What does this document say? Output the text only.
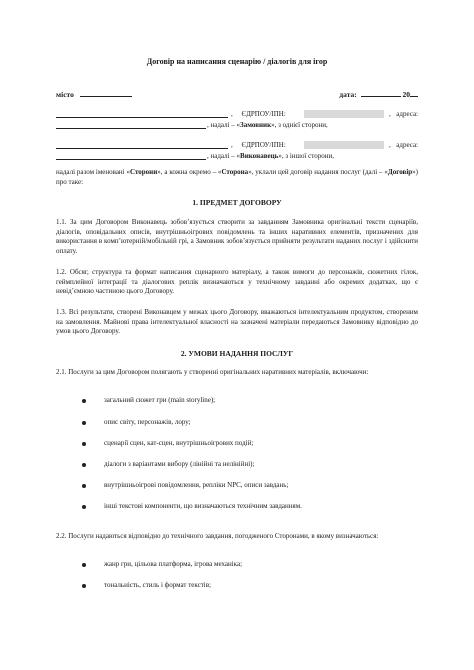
Договір на написання сценарію / діалогів для ігор
місто	дата:	20
,     ЄДРПОУ/ІПН:	, адреса:
, надалі – «Замовник», з однієї сторони,
,     ЄДРПОУ/ІПН:	, адреса:
, надалі – «Виконавець», з іншої сторони,
надалі разом іменовані «Сторони», а кожна окремо – «Сторона», уклали цей договір надання послуг (далі – «Договір») про таке:
1. ПРЕДМЕТ ДОГОВОРУ
1.1. За цим Договором Виконавець зобов’язується створити за завданням Замовника оригінальні тексти сценаріїв, діалогів, оповідальних описів, внутрішньоігрових повідомлень та інших наративних елементів, призначених для використання в комп’ютерній/мобільній грі, а Замовник зобов’язується прийняти результати наданих послуг і здійснити оплату.
1.2. Обсяг, структура та формат написання сценарного матеріалу, а також вимоги до персонажів, сюжетних гілок, геймплейної інтеграції та діалогових реплік визначаються у технічному завданні або окремих додатках, що є невід’ємною частиною цього Договору.
1.3. Всі результати, створені Виконавцем у межах цього Договору, вважаються інтелектуальним продуктом, створеним на замовлення. Майнові права інтелектуальної власності на зазначені матеріали передаються Замовнику відповідно до умов цього Договору.
2. УМОВИ НАДАННЯ ПОСЛУГ
2.1. Послуги за цим Договором полягають у створенні оригінальних наративних матеріалів, включаючи:
загальний сюжет гри (main storyline);
опис світу, персонажів, лору;
сценарії сцен, кат-сцен, внутрішньоігрових подій;
діалоги з варіантами вибору (лінійні та нелінійні);
внутрішньоігрові повідомлення, репліки NPC, описи завдань;
інші текстові компоненти, що визначаються технічним завданням.
2.2. Послуги надаються відповідно до технічного завдання, погодженого Сторонами, в якому визначаються:
жанр гри, цільова платформа, ігрова механіка;
тональність, стиль і формат текстів;
